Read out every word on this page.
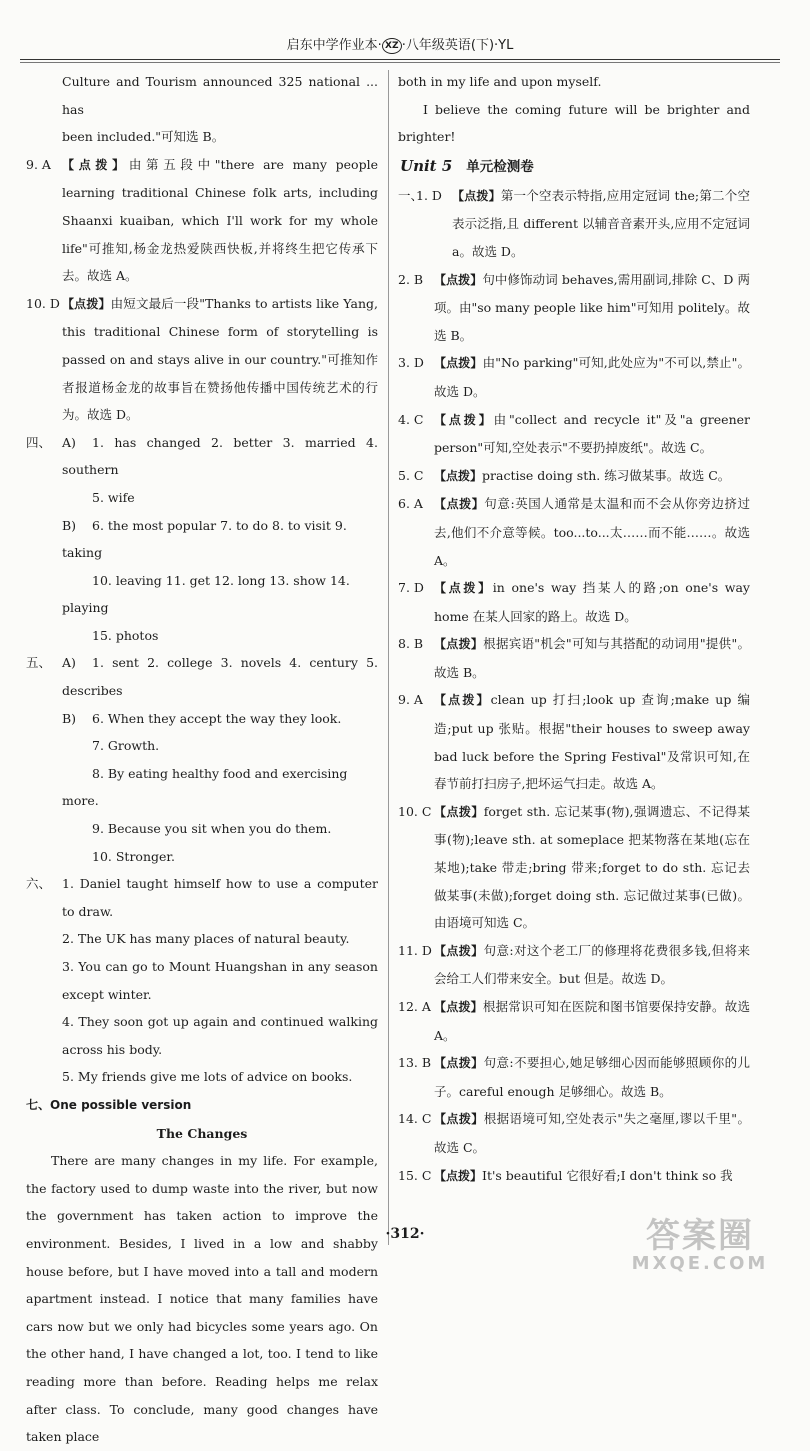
启东中学作业本· XZ ·八年级英语(下)·YL
Culture and Tourism announced 325 national ... has
been included."可知选 B。
9. A 【点拨】由第五段中"there are many people learning traditional Chinese folk arts, including Shaanxi kuaiban, which I'll work for my whole life"可推知,杨金龙热爱陕西快板,并将终生把它传承下去。故选 A。
10. D 【点拨】由短文最后一段"Thanks to artists like Yang, this traditional Chinese form of storytelling is passed on and stays alive in our country."可推知作者报道杨金龙的故事旨在赞扬他传播中国传统艺术的行为。故选 D。
四、 A) 1. has changed 2. better 3. married 4. southern
5. wife
B) 6. the most popular 7. to do 8. to visit 9. taking
10. leaving 11. get 12. long 13. show 14. playing
15. photos
五、 A) 1. sent 2. college 3. novels 4. century 5. describes
B) 6. When they accept the way they look.
7. Growth.
8. By eating healthy food and exercising more.
9. Because you sit when you do them.
10. Stronger.
六、 1. Daniel taught himself how to use a computer to draw.
2. The UK has many places of natural beauty.
3. You can go to Mount Huangshan in any season except winter.
4. They soon got up again and continued walking across his body.
5. My friends give me lots of advice on books.
七、One possible version
The Changes
There are many changes in my life. For example, the factory used to dump waste into the river, but now the government has taken action to improve the environment. Besides, I lived in a low and shabby house before, but I have moved into a tall and modern apartment instead. I notice that many families have cars now but we only had bicycles some years ago. On the other hand, I have changed a lot, too. I tend to like reading more than before. Reading helps me relax after class. To conclude, many good changes have taken place
both in my life and upon myself.
I believe the coming future will be brighter and brighter!
Unit 5 单元检测卷
一、
1. D 【点拨】第一个空表示特指,应用定冠词 the;第二个空表示泛指,且 different 以辅音音素开头,应用不定冠词 a。故选 D。
2. B 【点拨】句中修饰动词 behaves,需用副词,排除 C、D 两项。由"so many people like him"可知用 politely。故选 B。
3. D 【点拨】由"No parking"可知,此处应为"不可以,禁止"。故选 D。
4. C 【点拨】由"collect and recycle it"及"a greener person"可知,空处表示"不要扔掉废纸"。故选 C。
5. C 【点拨】practise doing sth. 练习做某事。故选 C。
6. A 【点拨】句意:英国人通常是太温和而不会从你旁边挤过去,他们不介意等候。too...to...太……而不能……。故选 A。
7. D 【点拨】in one's way 挡某人的路;on one's way home 在某人回家的路上。故选 D。
8. B 【点拨】根据宾语"机会"可知与其搭配的动词用"提供"。故选 B。
9. A 【点拨】clean up 打扫;look up 查询;make up 编造;put up 张贴。根据"their houses to sweep away bad luck before the Spring Festival"及常识可知,在春节前打扫房子,把坏运气扫走。故选 A。
10. C 【点拨】forget sth. 忘记某事(物),强调遗忘、不记得某事(物);leave sth. at someplace 把某物落在某地(忘在某地);take 带走;bring 带来;forget to do sth. 忘记去做某事(未做);forget doing sth. 忘记做过某事(已做)。由语境可知选 C。
11. D 【点拨】句意:对这个老工厂的修理将花费很多钱,但将来会给工人们带来安全。but 但是。故选 D。
12. A 【点拨】根据常识可知在医院和图书馆要保持安静。故选 A。
13. B 【点拨】句意:不要担心,她足够细心因而能够照顾你的儿子。careful enough 足够细心。故选 B。
14. C 【点拨】根据语境可知,空处表示"失之毫厘,谬以千里"。故选 C。
15. C 【点拨】It's beautiful 它很好看;I don't think so 我
·312·	答案圈
MXQE.COM
